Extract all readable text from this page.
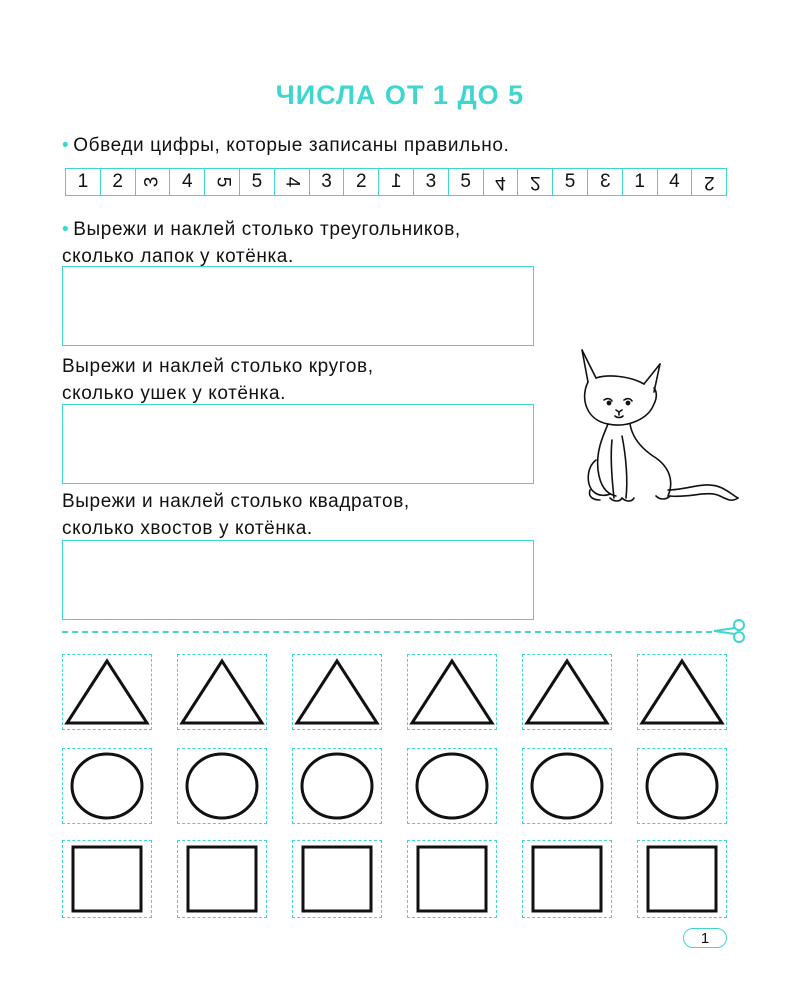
ЧИСЛА ОТ 1 ДО 5
• Обведи цифры, которые записаны правильно.
1 2 3 4 5 5 4 3 2 1 3 5 4 2 5 3 1 4 2
• Вырежи и наклей столько треугольников,
сколько лапок у котёнка.
Вырежи и наклей столько кругов,
сколько ушек у котёнка.
Вырежи и наклей столько квадратов,
сколько хвостов у котёнка.
1
